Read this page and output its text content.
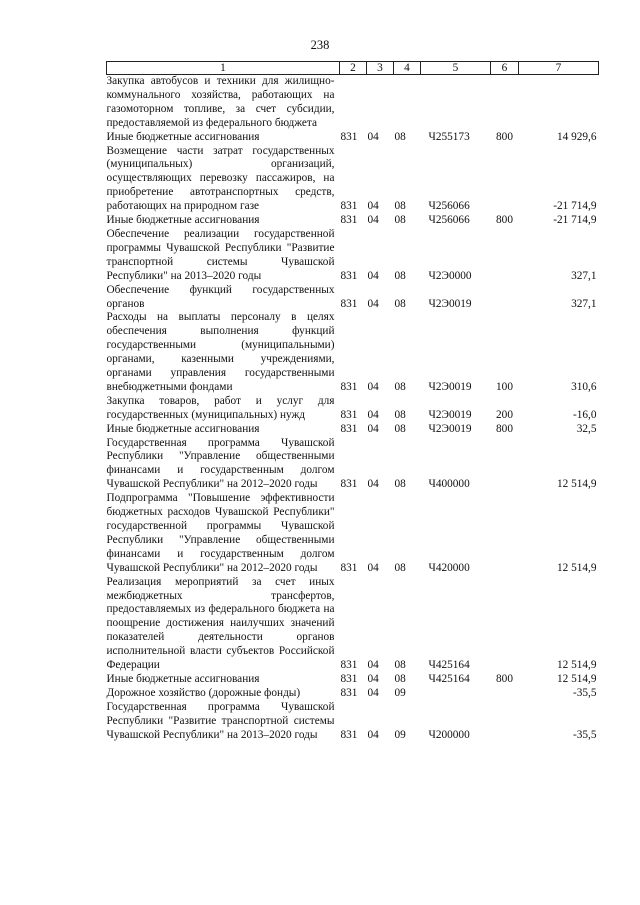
238
1	2	3	4	5	6	7
Закупка автобусов и техники для жилищно-коммунального хозяйства, работающих на газомоторном топливе, за счет субсидии, предоставляемой из федерального бюджета						
Иные бюджетные ассигнования	831	04	08	Ч255173	800	14 929,6
Возмещение части затрат государственных (муниципальных) организаций, осуществляющих перевозку пассажиров, на приобретение автотранспортных средств, работающих на природном газе	831	04	08	Ч256066		-21 714,9
Иные бюджетные ассигнования	831	04	08	Ч256066	800	-21 714,9
Обеспечение реализации государственной программы Чувашской Республики "Развитие транспортной системы Чувашской Республики" на 2013–2020 годы	831	04	08	Ч2Э0000		327,1
Обеспечение функций государственных органов	831	04	08	Ч2Э0019		327,1
Расходы на выплаты персоналу в целях обеспечения выполнения функций государственными (муниципальными) органами, казенными учреждениями, органами управления государственными внебюджетными фондами	831	04	08	Ч2Э0019	100	310,6
Закупка товаров, работ и услуг для государственных (муниципальных) нужд	831	04	08	Ч2Э0019	200	-16,0
Иные бюджетные ассигнования	831	04	08	Ч2Э0019	800	32,5
Государственная программа Чувашской Республики "Управление общественными финансами и государственным долгом Чувашской Республики" на 2012–2020 годы	831	04	08	Ч400000		12 514,9
Подпрограмма "Повышение эффективности бюджетных расходов Чувашской Республики" государственной программы Чувашской Республики "Управление общественными финансами и государственным долгом Чувашской Республики" на 2012–2020 годы	831	04	08	Ч420000		12 514,9
Реализация мероприятий за счет иных межбюджетных трансфертов, предоставляемых из федерального бюджета на поощрение достижения наилучших значений показателей деятельности органов исполнительной власти субъектов Российской Федерации	831	04	08	Ч425164		12 514,9
Иные бюджетные ассигнования	831	04	08	Ч425164	800	12 514,9
Дорожное хозяйство (дорожные фонды)	831	04	09			-35,5
Государственная программа Чувашской Республики "Развитие транспортной системы Чувашской Республики" на 2013–2020 годы	831	04	09	Ч200000		-35,5
